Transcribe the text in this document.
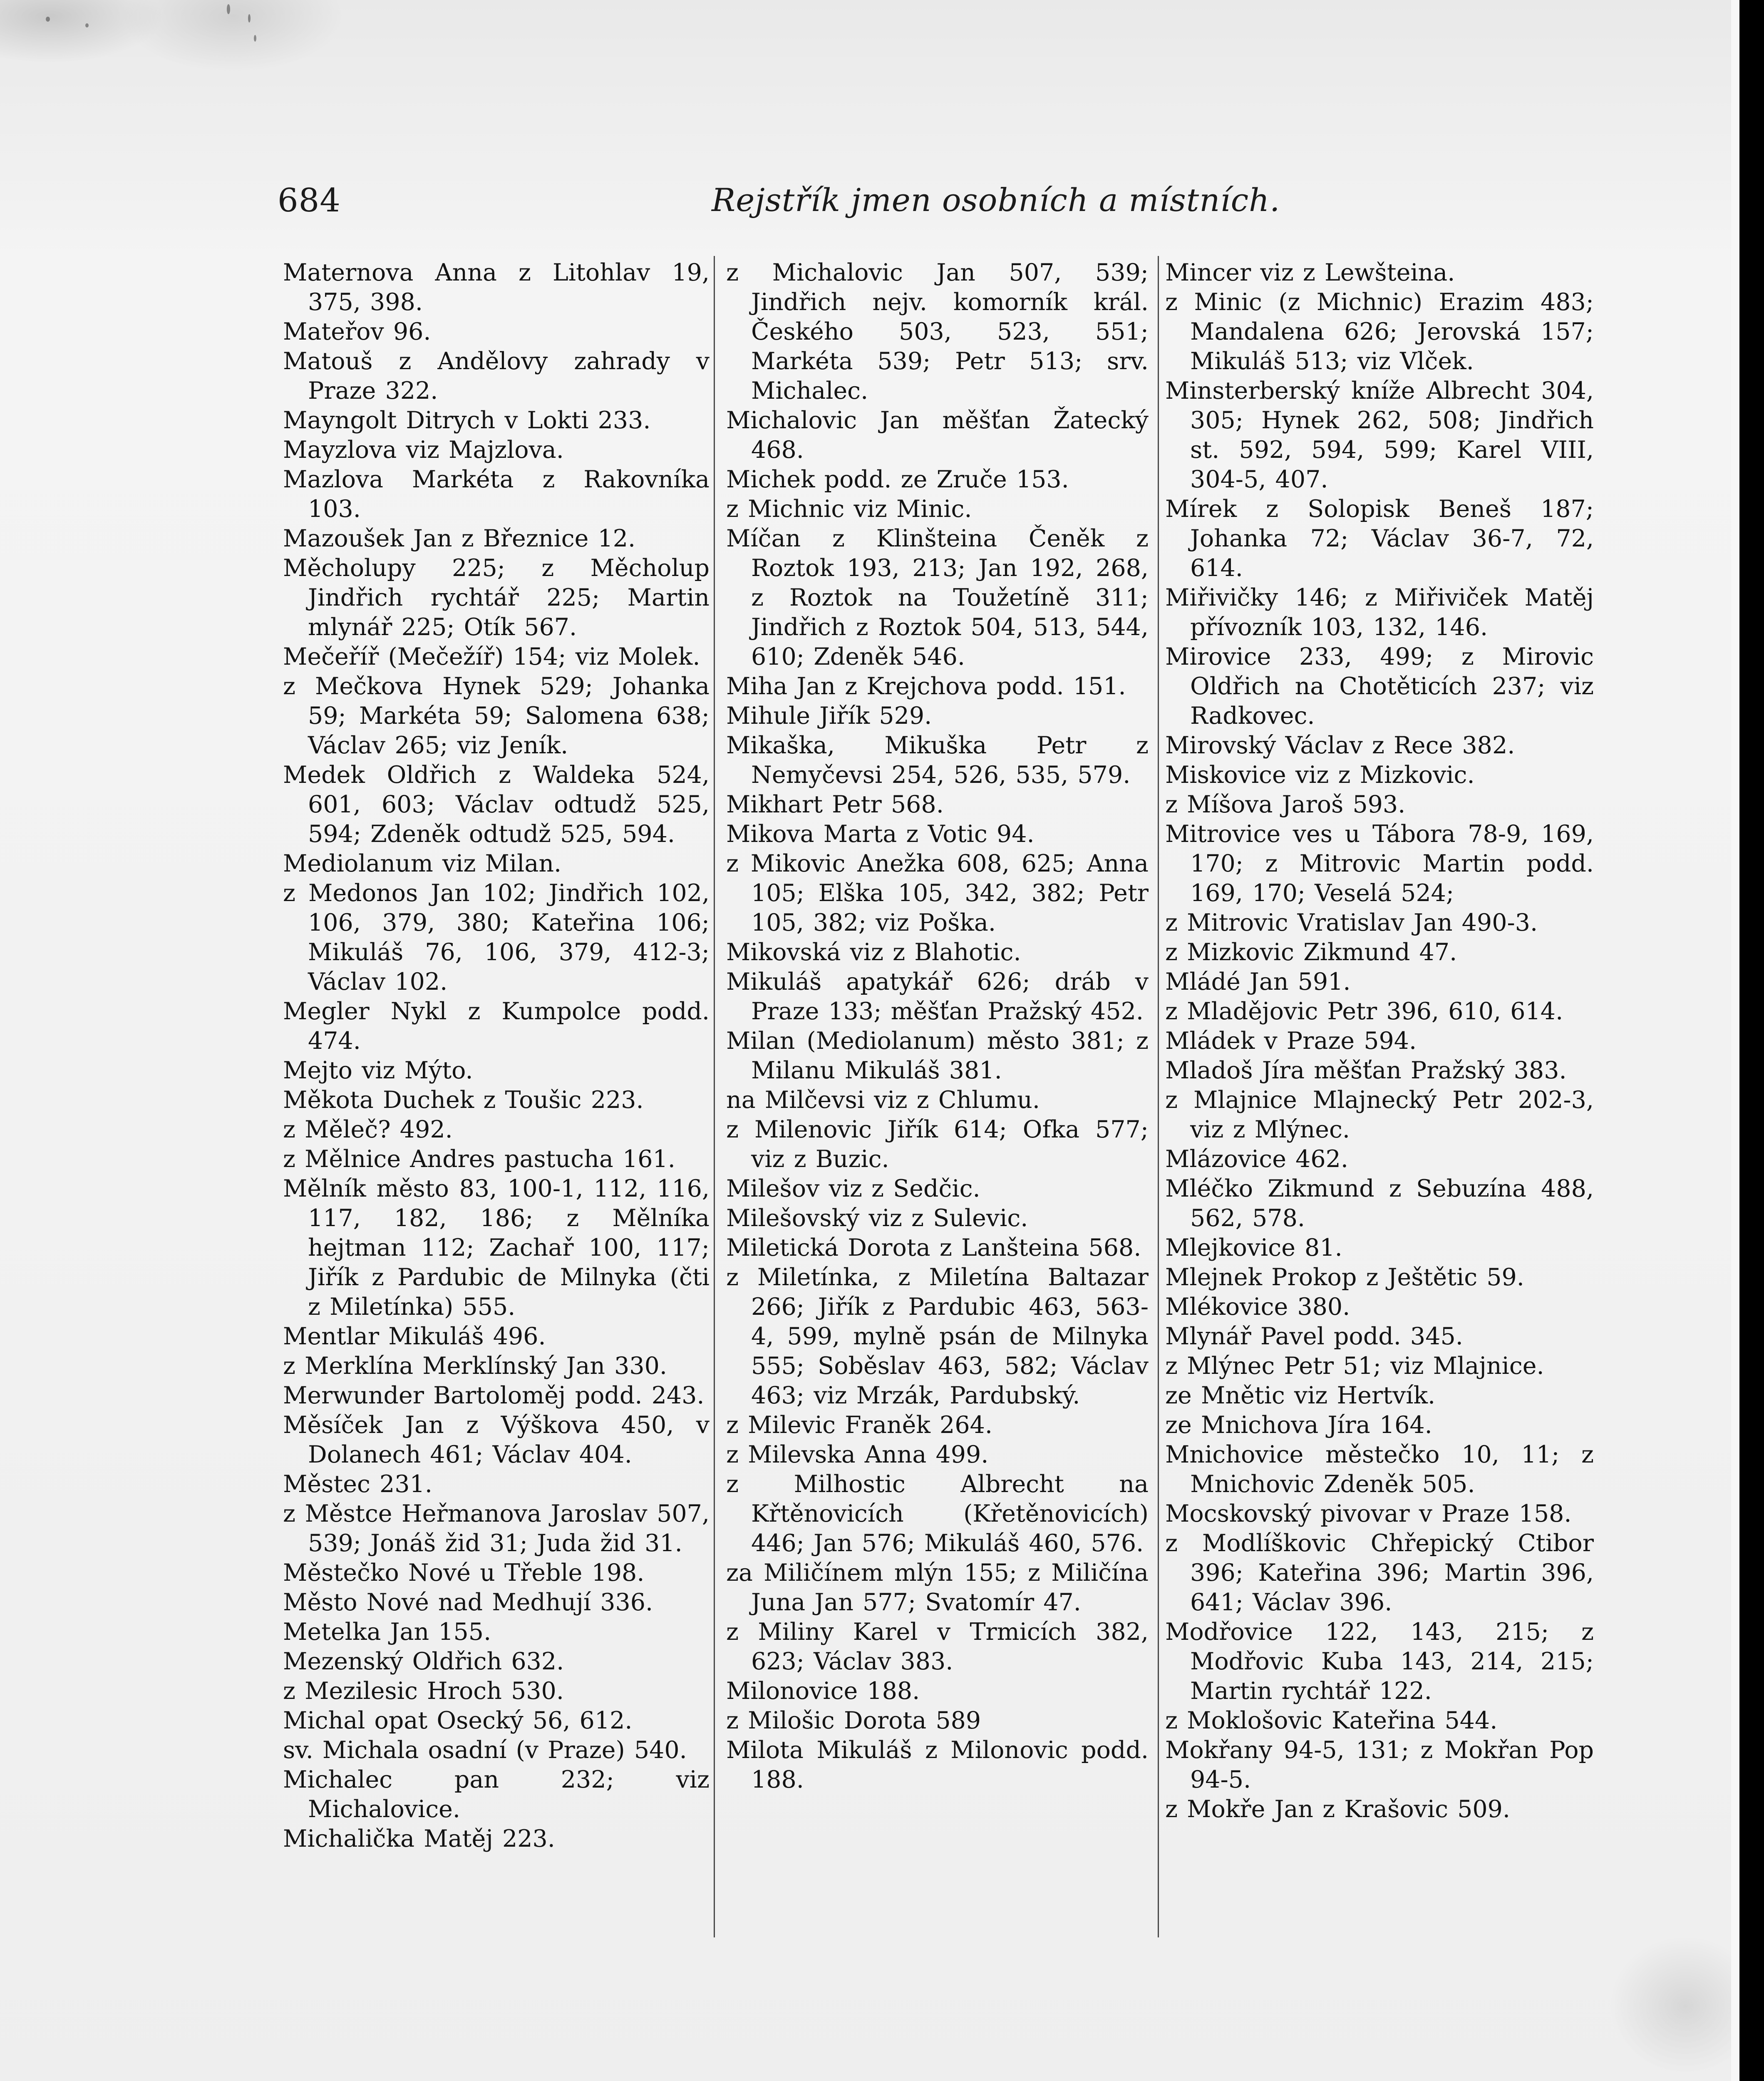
684	Rejstřík jmen osobních a místních.

Maternova Anna z Litohlav 19, 375, 398.

Mateřov 96.

Matouš z Andělovy zahrady v Praze 322.

Mayngolt Ditrych v Lokti 233.

Mayzlova viz Majzlova.

Mazlova Markéta z Rakovníka 103.

Mazoušek Jan z Březnice 12.

Měcholupy 225; z Měcholup Jindřich rychtář 225; Martin mlynář 225; Otík 567.

Mečeříř (Mečežíř) 154; viz Molek.

z Mečkova Hynek 529; Johanka 59; Markéta 59; Salomena 638; Václav 265; viz Jeník.

Medek Oldřich z Waldeka 524, 601, 603; Václav odtudž 525, 594; Zdeněk odtudž 525, 594.

Mediolanum viz Milan.

z Medonos Jan 102; Jindřich 102, 106, 379, 380; Kateřina 106; Mikuláš 76, 106, 379, 412-3; Václav 102.

Megler Nykl z Kumpolce podd. 474.

Mejto viz Mýto.

Měkota Duchek z Toušic 223.

z Měleč? 492.

z Mělnice Andres pastucha 161.

Mělník město 83, 100-1, 112, 116, 117, 182, 186; z Mělníka hejtman 112; Zachař 100, 117; Jiřík z Pardubic de Milnyka (čti z Miletínka) 555.

Mentlar Mikuláš 496.

z Merklína Merklínský Jan 330.

Merwunder Bartoloměj podd. 243.

Měsíček Jan z Výškova 450, v Dolanech 461; Václav 404.

Městec 231.

z Městce Heřmanova Jaroslav 507, 539; Jonáš žid 31; Juda žid 31.

Městečko Nové u Třeble 198.

Město Nové nad Medhují 336.

Metelka Jan 155.

Mezenský Oldřich 632.

z Mezilesic Hroch 530.

Michal opat Osecký 56, 612.

sv. Michala osadní (v Praze) 540.

Michalec pan 232; viz Michalovice.

Michalička Matěj 223.

z Michalovic Jan 507, 539; Jindřich nejv. komorník král. Českého 503, 523, 551; Markéta 539; Petr 513; srv. Michalec.

Michalovic Jan měšťan Žatecký 468.

Michek podd. ze Zruče 153.

z Michnic viz Minic.

Míčan z Klinšteina Čeněk z Roztok 193, 213; Jan 192, 268, z Roztok na Toužetíně 311; Jindřich z Roztok 504, 513, 544, 610; Zdeněk 546.

Miha Jan z Krejchova podd. 151.

Mihule Jiřík 529.

Mikaška, Mikuška Petr z Nemyčevsi 254, 526, 535, 579.

Mikhart Petr 568.

Mikova Marta z Votic 94.

z Mikovic Anežka 608, 625; Anna 105; Elška 105, 342, 382; Petr 105, 382; viz Poška.

Mikovská viz z Blahotic.

Mikuláš apatykář 626; dráb v Praze 133; měšťan Pražský 452.

Milan (Mediolanum) město 381; z Milanu Mikuláš 381.

na Milčevsi viz z Chlumu.

z Milenovic Jiřík 614; Ofka 577; viz z Buzic.

Milešov viz z Sedčic.

Milešovský viz z Sulevic.

Miletická Dorota z Lanšteina 568.

z Miletínka, z Miletína Baltazar 266; Jiřík z Pardubic 463, 563-4, 599, mylně psán de Milnyka 555; Soběslav 463, 582; Václav 463; viz Mrzák, Pardubský.

z Milevic Franěk 264.

z Milevska Anna 499.

z Milhostic Albrecht na Křtěnovicích (Křetěnovicích) 446; Jan 576; Mikuláš 460, 576.

za Miličínem mlýn 155; z Miličína Juna Jan 577; Svatomír 47.

z Miliny Karel v Trmicích 382, 623; Václav 383.

Milonovice 188.

z Milošic Dorota 589

Milota Mikuláš z Milonovic podd. 188.

Mincer viz z Lewšteina.

z Minic (z Michnic) Erazim 483; Mandalena 626; Jerovská 157; Mikuláš 513; viz Vlček.

Minsterberský kníže Albrecht 304, 305; Hynek 262, 508; Jindřich st. 592, 594, 599; Karel VIII, 304-5, 407.

Mírek z Solopisk Beneš 187; Johanka 72; Václav 36-7, 72, 614.

Miřivičky 146; z Miřiviček Matěj přívozník 103, 132, 146.

Mirovice 233, 499; z Mirovic Oldřich na Chotěticích 237; viz Radkovec.

Mirovský Václav z Rece 382.

Miskovice viz z Mizkovic.

z Míšova Jaroš 593.

Mitrovice ves u Tábora 78-9, 169, 170; z Mitrovic Martin podd. 169, 170; Veselá 524;

z Mitrovic Vratislav Jan 490-3.

z Mizkovic Zikmund 47.

Mládé Jan 591.

z Mladějovic Petr 396, 610, 614.

Mládek v Praze 594.

Mladoš Jíra měšťan Pražský 383.

z Mlajnice Mlajnecký Petr 202-3, viz z Mlýnec.

Mlázovice 462.

Mléčko Zikmund z Sebuzína 488, 562, 578.

Mlejkovice 81.

Mlejnek Prokop z Ještětic 59.

Mlékovice 380.

Mlynář Pavel podd. 345.

z Mlýnec Petr 51; viz Mlajnice.

ze Mnětic viz Hertvík.

ze Mnichova Jíra 164.

Mnichovice městečko 10, 11; z Mnichovic Zdeněk 505.

Mocskovský pivovar v Praze 158.

z Modlíškovic Chřepický Ctibor 396; Kateřina 396; Martin 396, 641; Václav 396.

Modřovice 122, 143, 215; z Modřovic Kuba 143, 214, 215; Martin rychtář 122.

z Moklošovic Kateřina 544.

Mokřany 94-5, 131; z Mokřan Pop 94-5.

z Mokře Jan z Krašovic 509.
